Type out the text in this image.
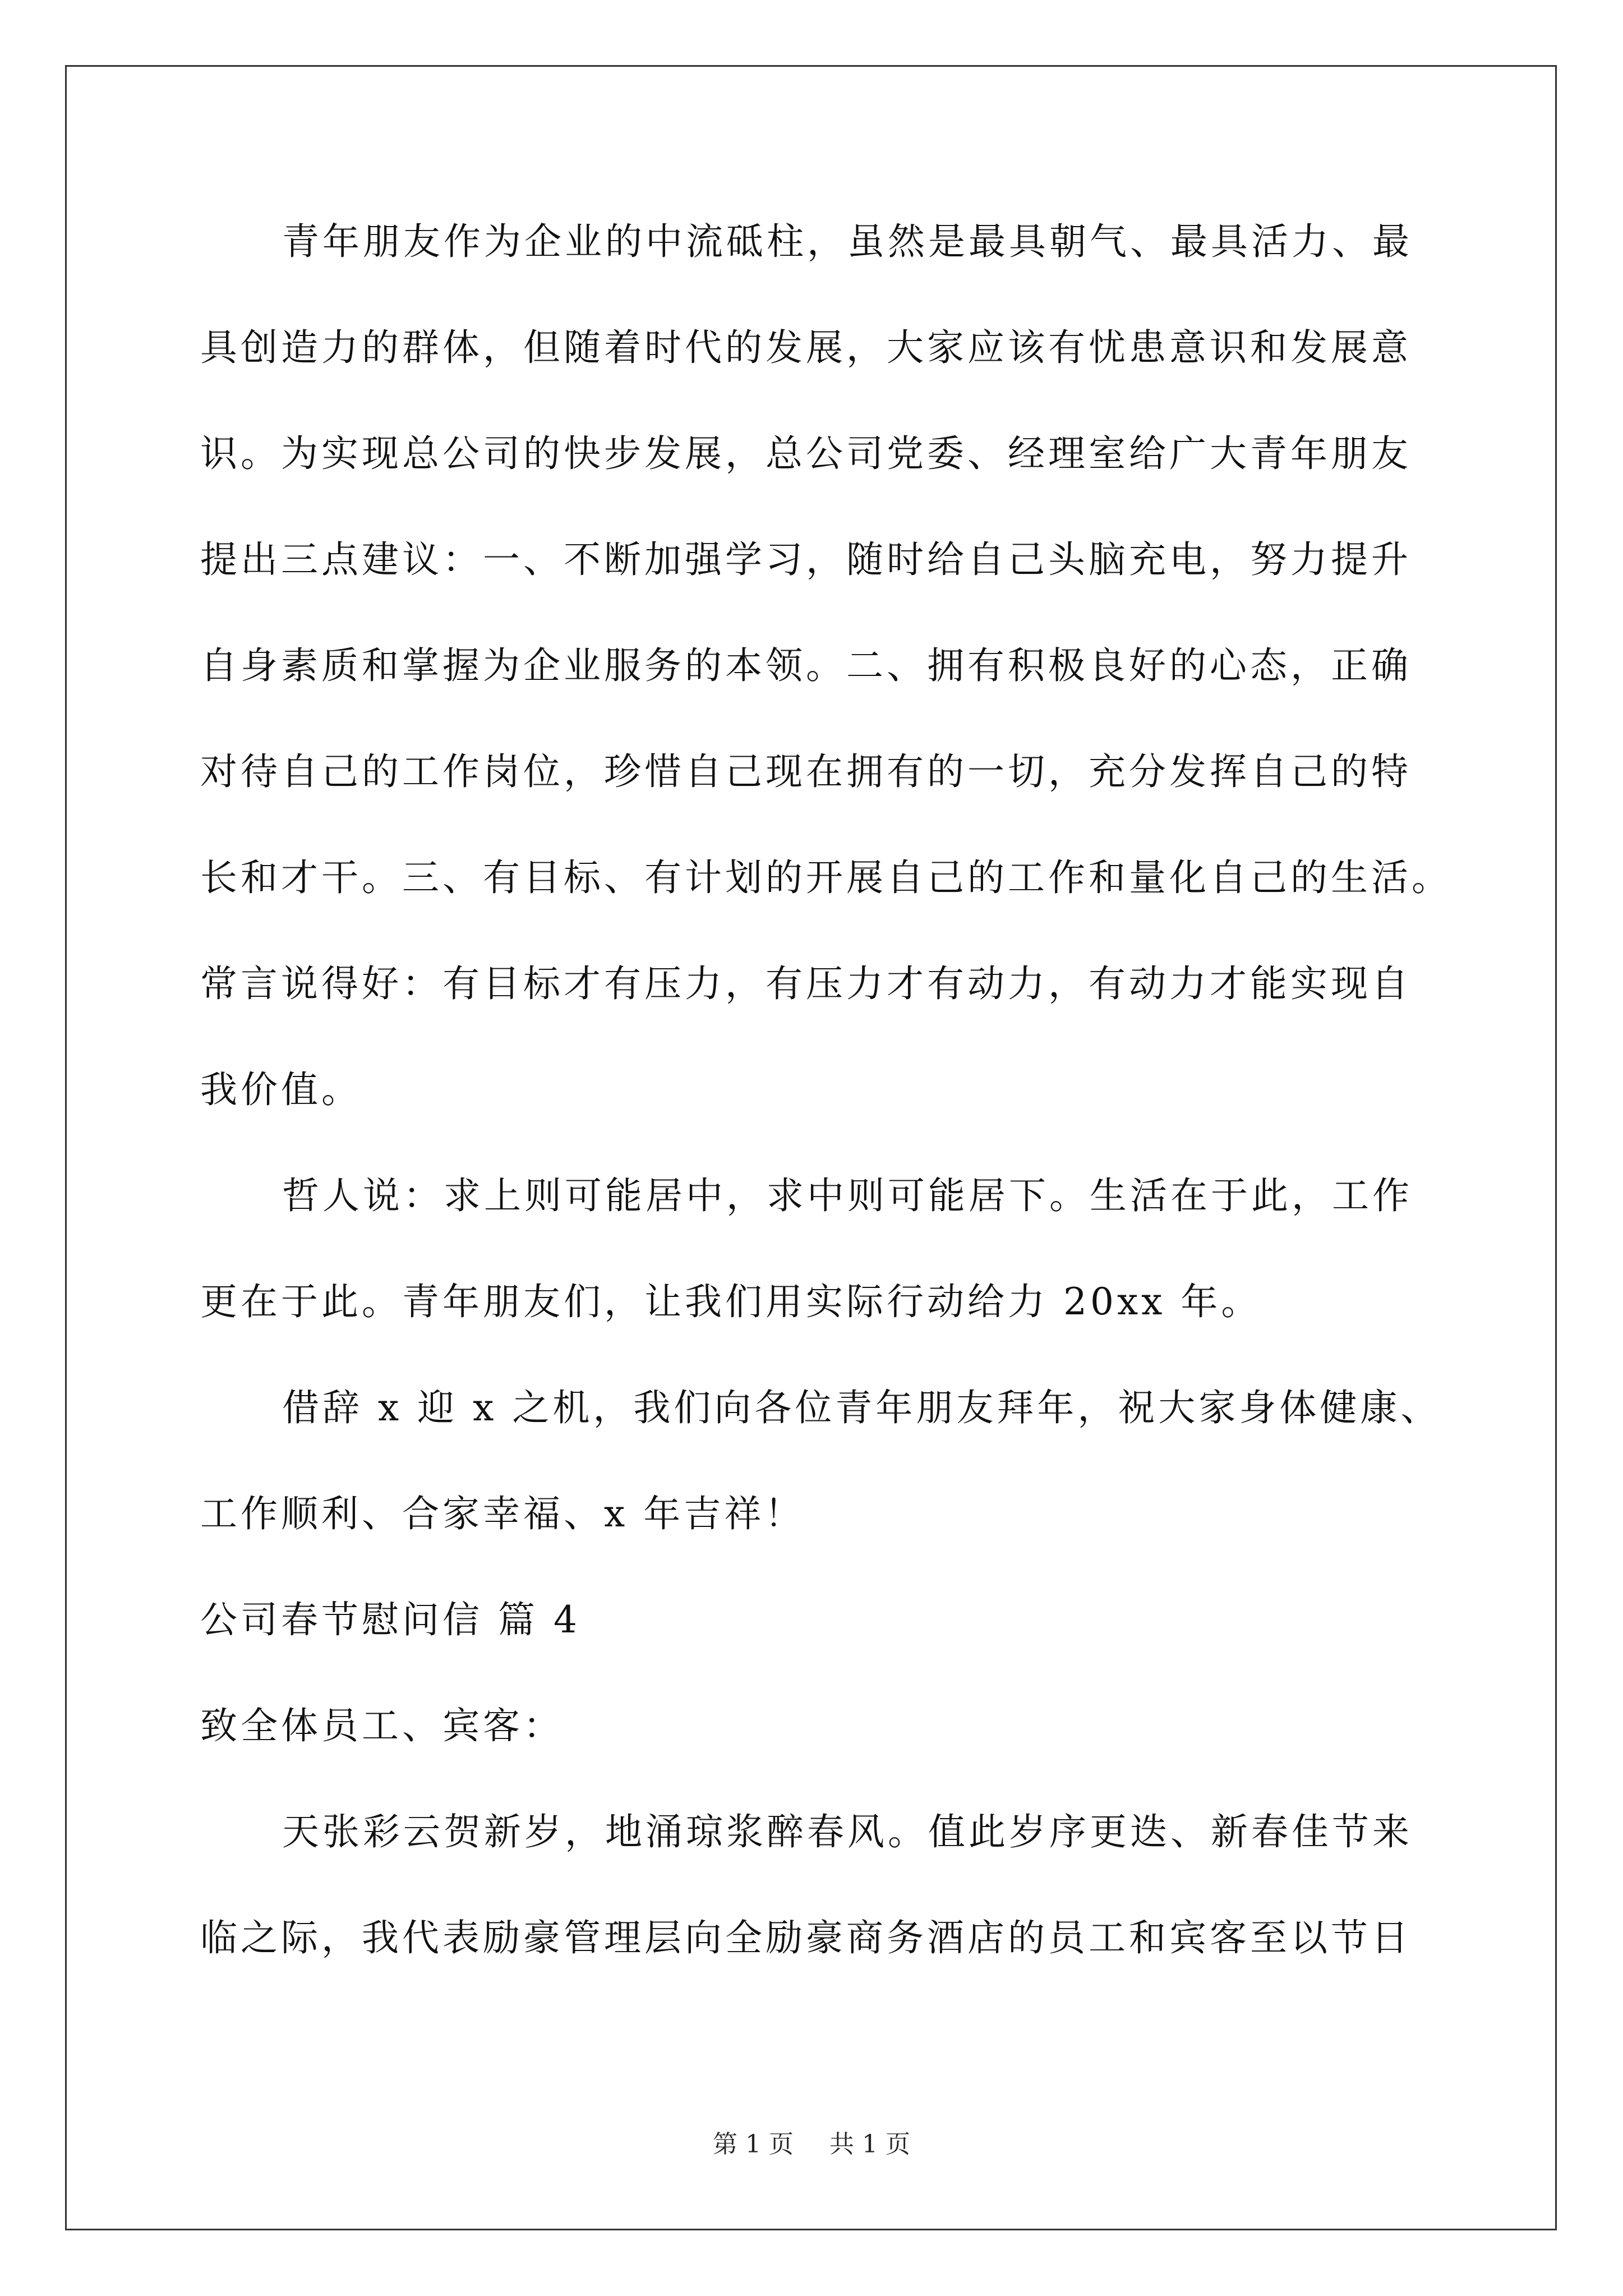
青年朋友作为企业的中流砥柱，虽然是最具朝气、最具活力、最
具创造力的群体，但随着时代的发展，大家应该有忧患意识和发展意
识。为实现总公司的快步发展，总公司党委、经理室给广大青年朋友
提出三点建议：一、不断加强学习，随时给自己头脑充电，努力提升
自身素质和掌握为企业服务的本领。二、拥有积极良好的心态，正确
对待自己的工作岗位，珍惜自己现在拥有的一切，充分发挥自己的特
长和才干。三、有目标、有计划的开展自己的工作和量化自己的生活。
常言说得好：有目标才有压力，有压力才有动力，有动力才能实现自
我价值。
哲人说：求上则可能居中，求中则可能居下。生活在于此，工作
更在于此。青年朋友们，让我们用实际行动给力 20xx 年。
借辞 x 迎 x 之机，我们向各位青年朋友拜年，祝大家身体健康、
工作顺利、合家幸福、x 年吉祥！
公司春节慰问信 篇 4
致全体员工、宾客：
天张彩云贺新岁，地涌琼浆醉春风。值此岁序更迭、新春佳节来
临之际，我代表励豪管理层向全励豪商务酒店的员工和宾客至以节日
第 1 页 共 1 页
